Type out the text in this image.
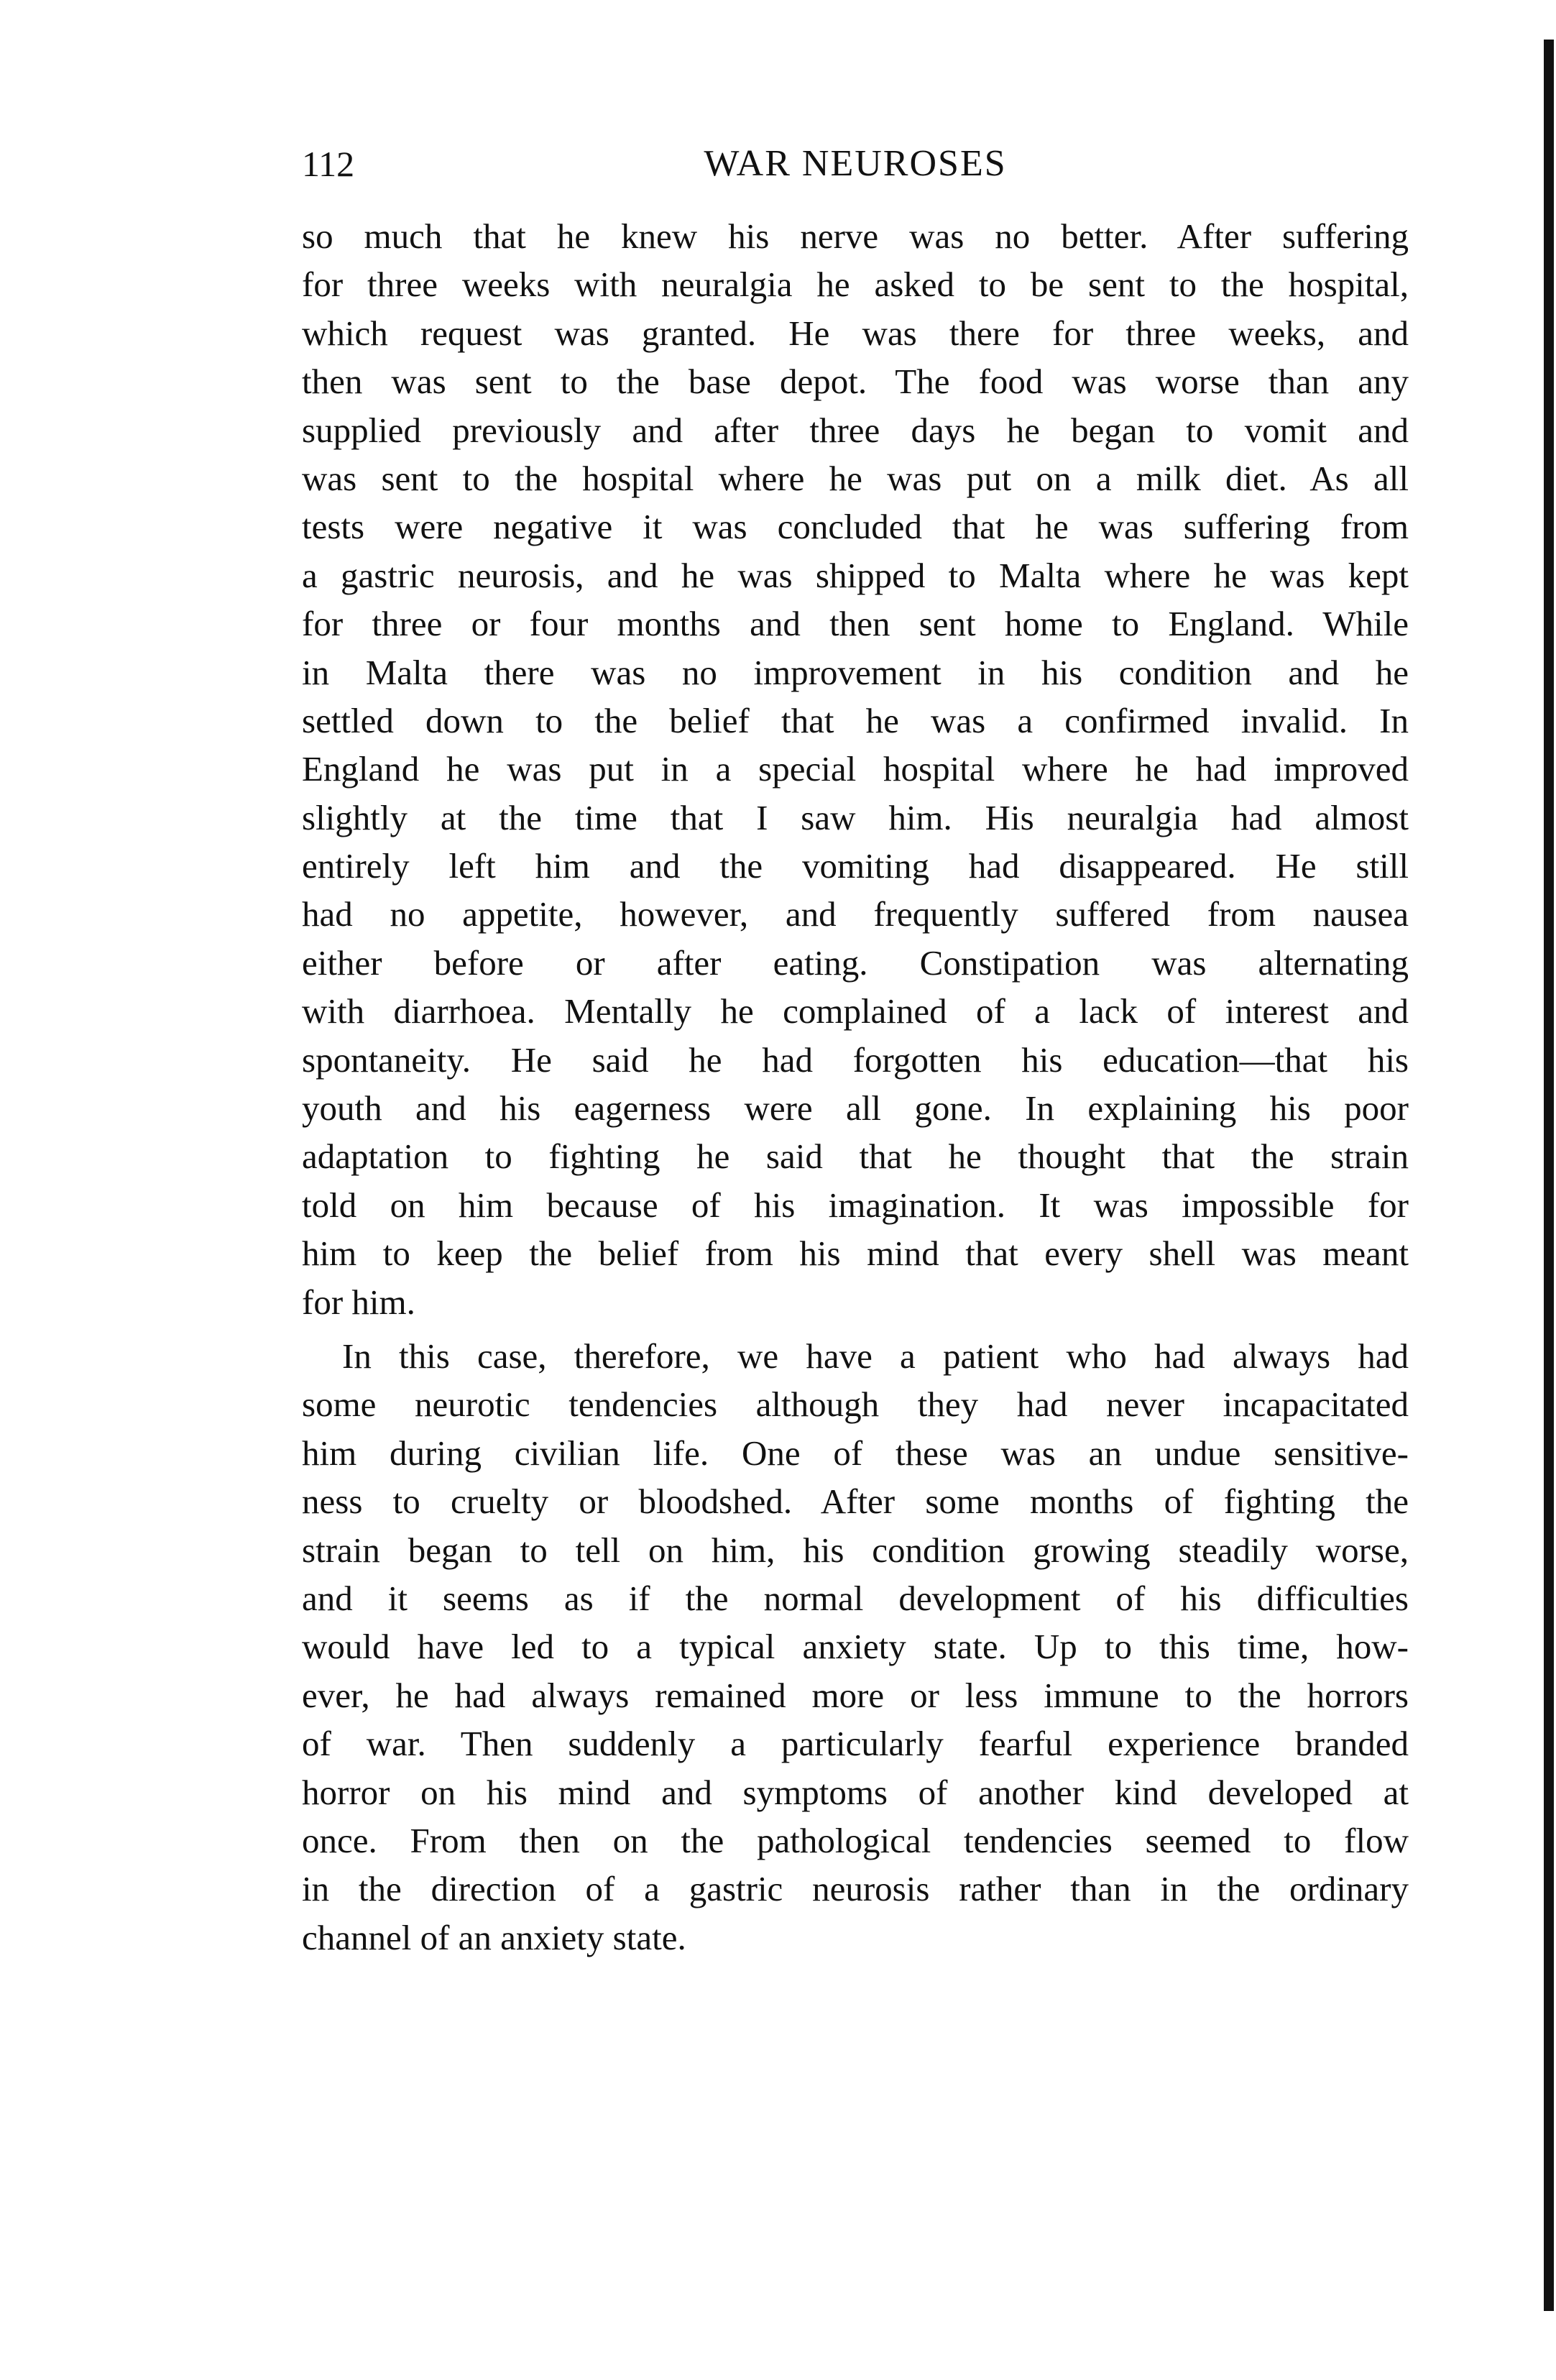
112	WAR NEUROSES
so much that he knew his nerve was no better. After suffering
for three weeks with neuralgia he asked to be sent to the hospital,
which request was granted. He was there for three weeks, and
then was sent to the base depot. The food was worse than any
supplied previously and after three days he began to vomit and
was sent to the hospital where he was put on a milk diet. As all
tests were negative it was concluded that he was suffering from
a gastric neurosis, and he was shipped to Malta where he was kept
for three or four months and then sent home to England. While
in Malta there was no improvement in his condition and he
settled down to the belief that he was a confirmed invalid. In
England he was put in a special hospital where he had improved
slightly at the time that I saw him. His neuralgia had almost
entirely left him and the vomiting had disappeared. He still
had no appetite, however, and frequently suffered from nausea
either before or after eating. Constipation was alternating
with diarrhoea. Mentally he complained of a lack of interest and
spontaneity. He said he had forgotten his education—that his
youth and his eagerness were all gone. In explaining his poor
adaptation to fighting he said that he thought that the strain
told on him because of his imagination. It was impossible for
him to keep the belief from his mind that every shell was meant
for him.
In this case, therefore, we have a patient who had always had
some neurotic tendencies although they had never incapacitated
him during civilian life. One of these was an undue sensitive-
ness to cruelty or bloodshed. After some months of fighting the
strain began to tell on him, his condition growing steadily worse,
and it seems as if the normal development of his difficulties
would have led to a typical anxiety state. Up to this time, how-
ever, he had always remained more or less immune to the horrors
of war. Then suddenly a particularly fearful experience branded
horror on his mind and symptoms of another kind developed at
once. From then on the pathological tendencies seemed to flow
in the direction of a gastric neurosis rather than in the ordinary
channel of an anxiety state.
